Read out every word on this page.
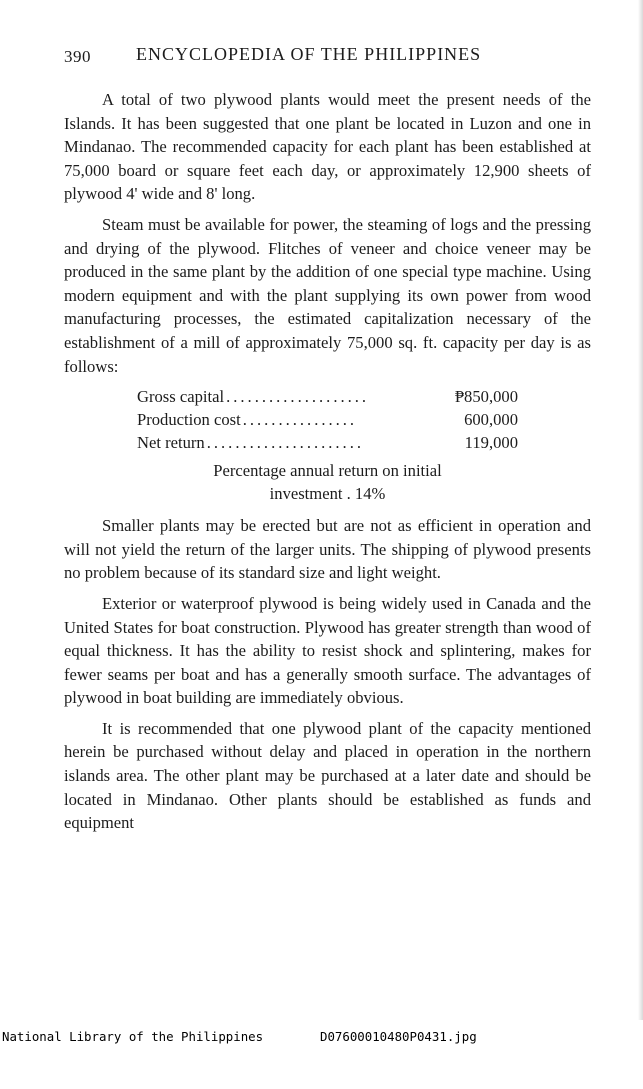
390	ENCYCLOPEDIA OF THE PHILIPPINES

A total of two plywood plants would meet the present needs of the Islands. It has been suggested that one plant be located in Luzon and one in Mindanao. The recommended capacity for each plant has been established at 75,000 board or square feet each day, or approximately 12,900 sheets of plywood 4' wide and 8' long.

Steam must be available for power, the steaming of logs and the pressing and drying of the plywood. Flitches of veneer and choice veneer may be produced in the same plant by the addition of one special type machine. Using modern equipment and with the plant supplying its own power from wood manufacturing processes, the estimated capitalization necessary of the establishment of a mill of approximately 75,000 sq. ft. capacity per day is as follows:

Gross capital ....................	₱850,000
Production cost ................	600,000
Net return ......................	119,000
Percentage annual return on initial
investment . 14%

Smaller plants may be erected but are not as efficient in operation and will not yield the return of the larger units. The shipping of plywood presents no problem because of its standard size and light weight.

Exterior or waterproof plywood is being widely used in Canada and the United States for boat construction. Plywood has greater strength than wood of equal thickness. It has the ability to resist shock and splintering, makes for fewer seams per boat and has a generally smooth surface. The advantages of plywood in boat building are immediately obvious.

It is recommended that one plywood plant of the capacity mentioned herein be purchased without delay and placed in operation in the northern islands area. The other plant may be purchased at a later date and should be located in Mindanao. Other plants should be established as funds and equipment

National Library of the Philippines

	D07600010480P0431.jpg
